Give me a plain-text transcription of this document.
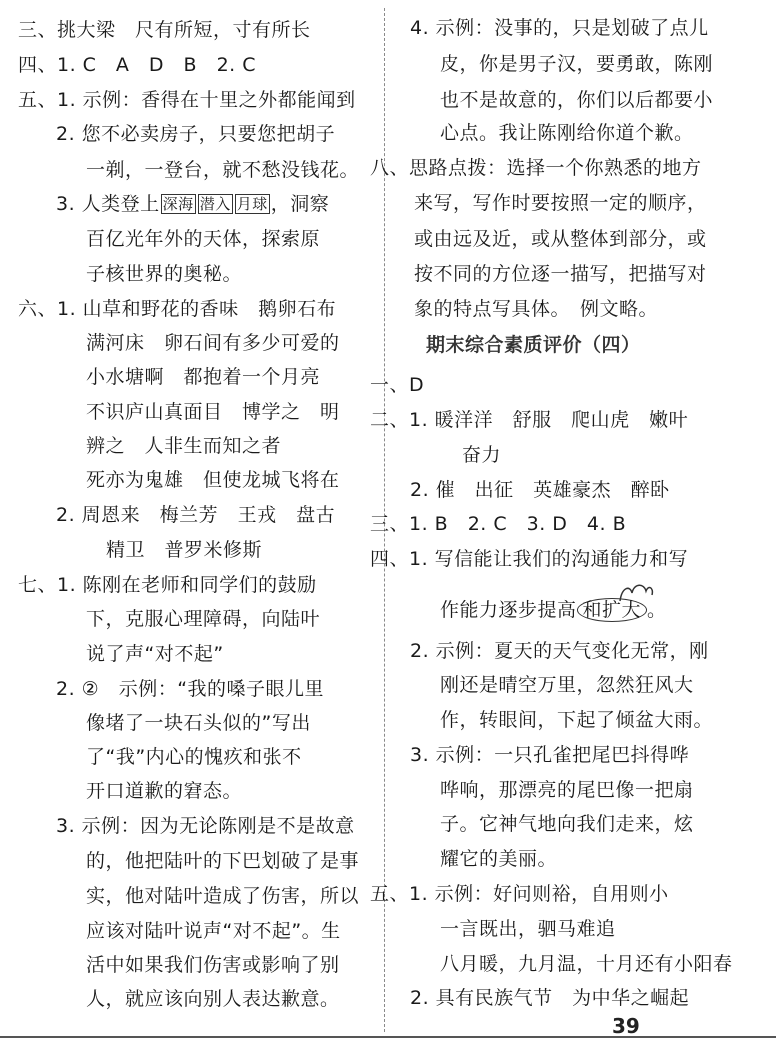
三、挑大梁　尺有所短，寸有所长
四、1. C　A　D　B　2. C
五、1. 示例：香得在十里之外都能闻到
2. 您不必卖房子，只要您把胡子
一剃，一登台，就不愁没钱花。
3. 人类登上 深海 潜入 月球 ，洞察
百亿光年外的天体，探索原
子核世界的奥秘。
六、1. 山草和野花的香味　鹅卵石布
满河床　卵石间有多少可爱的
小水塘啊　都抱着一个月亮
不识庐山真面目　博学之　明
辨之　人非生而知之者
死亦为鬼雄　但使龙城飞将在
2. 周恩来　梅兰芳　王戎　盘古
精卫　普罗米修斯
七、1. 陈刚在老师和同学们的鼓励
下，克服心理障碍，向陆叶
说了声“对不起”
2. ②　示例：“我的嗓子眼儿里
像堵了一块石头似的”写出
了“我”内心的愧疚和张不
开口道歉的窘态。
3. 示例：因为无论陈刚是不是故意
的，他把陆叶的下巴划破了是事
实，他对陆叶造成了伤害，所以
应该对陆叶说声“对不起”。生
活中如果我们伤害或影响了别
人，就应该向别人表达歉意。
4. 示例：没事的，只是划破了点儿
皮，你是男子汉，要勇敢，陈刚
也不是故意的，你们以后都要小
心点。我让陈刚给你道个歉。
八、思路点拨：选择一个你熟悉的地方
来写，写作时要按照一定的顺序，
或由远及近，或从整体到部分，或
按不同的方位逐一描写，把描写对
象的特点写具体。　例文略。
期末综合素质评价（四）
一、D
二、1. 暖洋洋　舒服　爬山虎　嫩叶
奋力
2. 催　出征　英雄豪杰　醉卧
三、1. B　2. C　3. D　4. B
四、1. 写信能让我们的沟通能力和写
作能力逐步提高 和扩大 。
2. 示例：夏天的天气变化无常，刚
刚还是晴空万里，忽然狂风大
作，转眼间，下起了倾盆大雨。
3. 示例：一只孔雀把尾巴抖得哗
哗响，那漂亮的尾巴像一把扇
子。它神气地向我们走来，炫
耀它的美丽。
五、1. 示例：好问则裕，自用则小
一言既出，驷马难追
八月暖，九月温，十月还有小阳春
2. 具有民族气节　为中华之崛起
39
